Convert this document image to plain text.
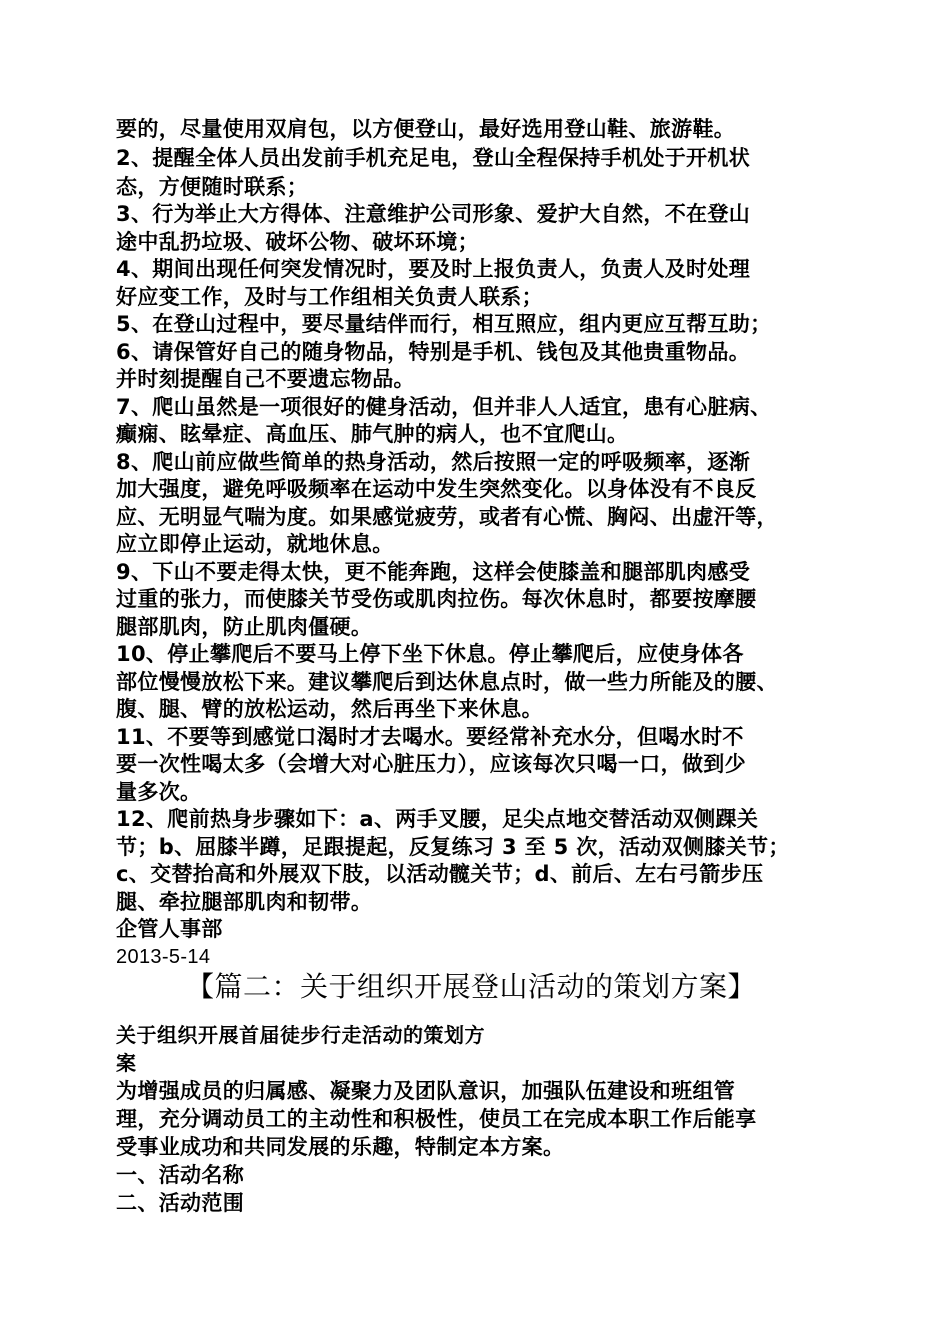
要的，尽量使用双肩包，以方便登山，最好选用登山鞋、旅游鞋。
2、提醒全体人员出发前手机充足电，登山全程保持手机处于开机状
态，方便随时联系；
3、行为举止大方得体、注意维护公司形象、爱护大自然，不在登山
途中乱扔垃圾、破坏公物、破坏环境；
4、期间出现任何突发情况时，要及时上报负责人，负责人及时处理
好应变工作，及时与工作组相关负责人联系；
5、在登山过程中，要尽量结伴而行，相互照应，组内更应互帮互助；
6、请保管好自己的随身物品，特别是手机、钱包及其他贵重物品。
并时刻提醒自己不要遗忘物品。
7、爬山虽然是一项很好的健身活动，但并非人人适宜，患有心脏病、
癫痫、眩晕症、高血压、肺气肿的病人，也不宜爬山。
8、爬山前应做些简单的热身活动，然后按照一定的呼吸频率，逐渐
加大强度，避免呼吸频率在运动中发生突然变化。以身体没有不良反
应、无明显气喘为度。如果感觉疲劳，或者有心慌、胸闷、出虚汗等，
应立即停止运动，就地休息。
9、下山不要走得太快，更不能奔跑，这样会使膝盖和腿部肌肉感受
过重的张力，而使膝关节受伤或肌肉拉伤。每次休息时，都要按摩腰
腿部肌肉，防止肌肉僵硬。
10、停止攀爬后不要马上停下坐下休息。停止攀爬后，应使身体各
部位慢慢放松下来。建议攀爬后到达休息点时，做一些力所能及的腰、
腹、腿、臂的放松运动，然后再坐下来休息。
11、不要等到感觉口渴时才去喝水。要经常补充水分，但喝水时不
要一次性喝太多（会增大对心脏压力），应该每次只喝一口，做到少
量多次。
12、爬前热身步骤如下：a、两手叉腰，足尖点地交替活动双侧踝关
节；b、屈膝半蹲，足跟提起，反复练习 3 至 5 次，活动双侧膝关节；
c、交替抬高和外展双下肢，以活动髋关节；d、前后、左右弓箭步压
腿、牵拉腿部肌肉和韧带。
企管人事部
2013-5-14
【篇二：关于组织开展登山活动的策划方案】
关于组织开展首届徒步行走活动的策划方
案
为增强成员的归属感、凝聚力及团队意识，加强队伍建设和班组管
理，充分调动员工的主动性和积极性，使员工在完成本职工作后能享
受事业成功和共同发展的乐趣，特制定本方案。
一、活动名称
二、活动范围
